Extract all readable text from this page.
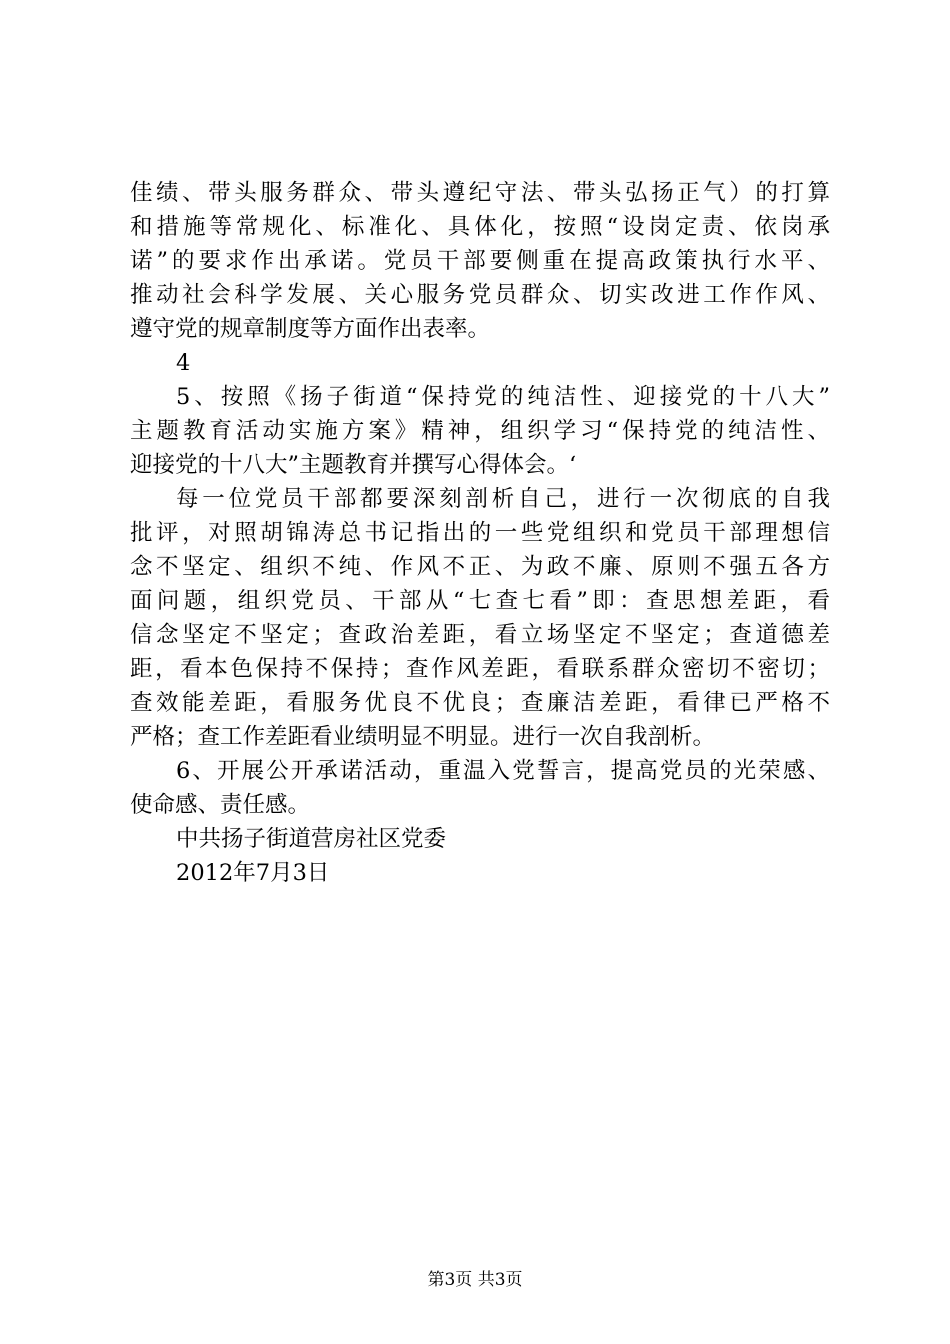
佳绩、带头服务群众、带头遵纪守法、带头弘扬正气）的打算
和措施等常规化、标准化、具体化，按照“设岗定责、依岗承
诺”的要求作出承诺。党员干部要侧重在提高政策执行水平、
推动社会科学发展、关心服务党员群众、切实改进工作作风、
遵守党的规章制度等方面作出表率。
4
5、按照《扬子街道“保持党的纯洁性、迎接党的十八大”
主题教育活动实施方案》精神，组织学习“保持党的纯洁性、
迎接党的十八大”主题教育并撰写心得体会。‘
每一位党员干部都要深刻剖析自己，进行一次彻底的自我
批评，对照胡锦涛总书记指出的一些党组织和党员干部理想信
念不坚定、组织不纯、作风不正、为政不廉、原则不强五各方
面问题，组织党员、干部从“七查七看”即：查思想差距，看
信念坚定不坚定；查政治差距，看立场坚定不坚定；查道德差
距，看本色保持不保持；查作风差距，看联系群众密切不密切；
查效能差距，看服务优良不优良；查廉洁差距，看律已严格不
严格；查工作差距看业绩明显不明显。进行一次自我剖析。
6、开展公开承诺活动，重温入党誓言，提高党员的光荣感、
使命感、责任感。
中共扬子街道营房社区党委
2012年7月3日
第3页 共3页
